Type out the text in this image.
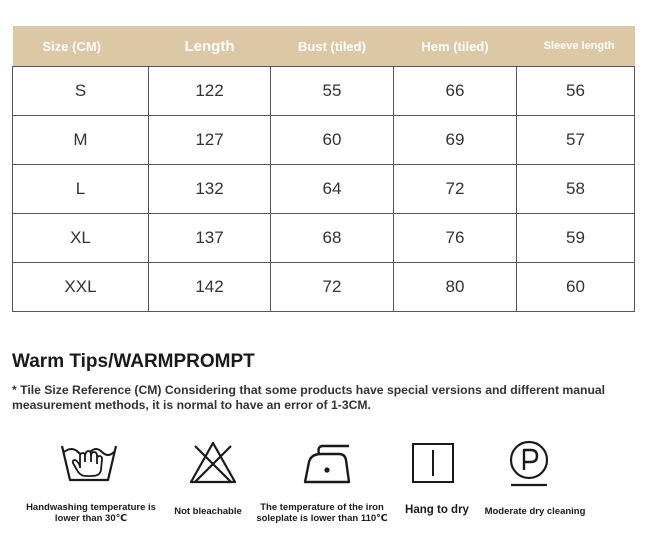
Size (CM)	Length	Bust (tiled)	Hem (tiled)	Sleeve length
S	122	55	66	56
M	127	60	69	57
L	132	64	72	58
XL	137	68	76	59
XXL	142	72	80	60
Warm Tips/WARMPROMPT
* Tile Size Reference (CM) Considering that some products have special versions and different manual measurement methods, it is normal to have an error of 1-3CM.
Handwashing temperature is
lower than 30℃
Not bleachable	The temperature of the iron
soleplate is lower than 110℃
Hang to dry	Moderate dry cleaning
